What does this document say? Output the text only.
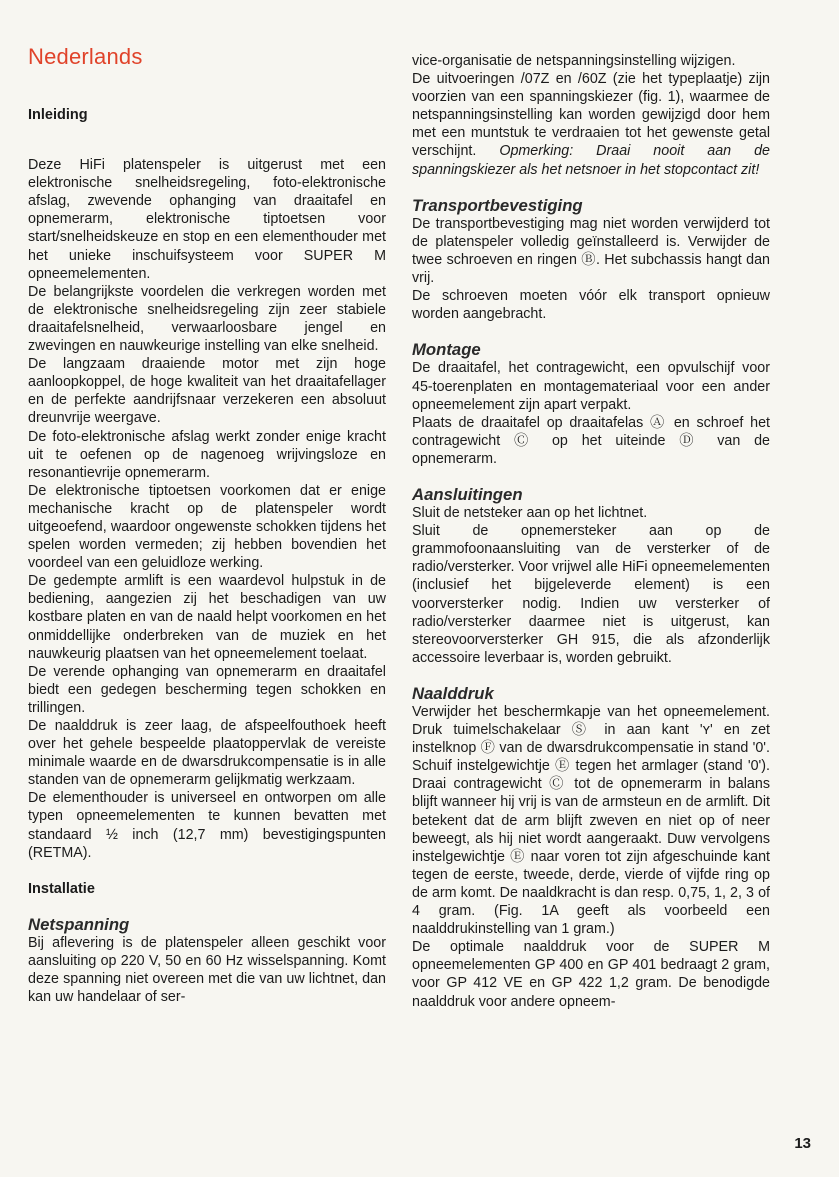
Nederlands
Inleiding

Deze HiFi platenspeler is uitgerust met een elektronische snelheidsregeling, foto-elektronische afslag, zwevende ophanging van draaitafel en opnemerarm, elektronische tiptoetsen voor start/snelheidskeuze en stop en een elementhouder met het unieke inschuifsysteem voor SUPER M opneemelementen.

De belangrijkste voordelen die verkregen worden met de elektronische snelheidsregeling zijn zeer stabiele draaitafelsnelheid, verwaarloosbare jengel en zwevingen en nauwkeurige instelling van elke snelheid.

De langzaam draaiende motor met zijn hoge aanloopkoppel, de hoge kwaliteit van het draaitafellager en de perfekte aandrijfsnaar verzekeren een absoluut dreunvrije weergave.

De foto-elektronische afslag werkt zonder enige kracht uit te oefenen op de nagenoeg wrijvingsloze en resonantievrije opnemerarm.

De elektronische tiptoetsen voorkomen dat er enige mechanische kracht op de platenspeler wordt uitgeoefend, waardoor ongewenste schokken tijdens het spelen worden vermeden; zij hebben bovendien het voordeel van een geluidloze werking.

De gedempte armlift is een waardevol hulpstuk in de bediening, aangezien zij het beschadigen van uw kostbare platen en van de naald helpt voorkomen en het onmiddellijke onderbreken van de muziek en het nauwkeurig plaatsen van het opneemelement toelaat.

De verende ophanging van opnemerarm en draaitafel biedt een gedegen bescherming tegen schokken en trillingen.

De naalddruk is zeer laag, de afspeelfouthoek heeft over het gehele bespeelde plaatoppervlak de vereiste minimale waarde en de dwarsdrukcompensatie is in alle standen van de opnemerarm gelijkmatig werkzaam.

De elementhouder is universeel en ontworpen om alle typen opneemelementen te kunnen bevatten met standaard ½ inch (12,7 mm) bevestigingspunten (RETMA).

Installatie
Netspanning

Bij aflevering is de platenspeler alleen geschikt voor aansluiting op 220 V, 50 en 60 Hz wisselspanning. Komt deze spanning niet overeen met die van uw lichtnet, dan kan uw handelaar of ser-

vice-organisatie de netspanningsinstelling wijzigen.

De uitvoeringen /07Z en /60Z (zie het typeplaatje) zijn voorzien van een spanningskiezer (fig. 1), waarmee de netspanningsinstelling kan worden gewijzigd door hem met een muntstuk te verdraaien tot het gewenste getal verschijnt. Opmerking: Draai nooit aan de spanningskiezer als het netsnoer in het stopcontact zit!

Transportbevestiging

De transportbevestiging mag niet worden verwijderd tot de platenspeler volledig geïnstalleerd is. Verwijder de twee schroeven en ringen Ⓑ. Het subchassis hangt dan vrij.

De schroeven moeten vóór elk transport opnieuw worden aangebracht.

Montage

De draaitafel, het contragewicht, een opvulschijf voor 45-toerenplaten en montagemateriaal voor een ander opneemelement zijn apart verpakt.

Plaats de draaitafel op draaitafelas Ⓐ en schroef het contragewicht Ⓒ op het uiteinde Ⓓ van de opnemerarm.

Aansluitingen

Sluit de netsteker aan op het lichtnet.

Sluit de opnemersteker aan op de grammofoonaansluiting van de versterker of de radio/versterker. Voor vrijwel alle HiFi opneemelementen (inclusief het bijgeleverde element) is een voorversterker nodig. Indien uw versterker of radio/versterker daarmee niet is uitgerust, kan stereovoorversterker GH 915, die als afzonderlijk accessoire leverbaar is, worden gebruikt.

Naalddruk

Verwijder het beschermkapje van het opneemelement. Druk tuimelschakelaar Ⓢ in aan kant 'ʏ' en zet instelknop Ⓕ van de dwarsdrukcompensatie in stand '0'. Schuif instelgewichtje Ⓔ tegen het armlager (stand '0'). Draai contragewicht Ⓒ tot de opnemerarm in balans blijft wanneer hij vrij is van de armsteun en de armlift. Dit betekent dat de arm blijft zweven en niet op of neer beweegt, als hij niet wordt aangeraakt. Duw vervolgens instelgewichtje Ⓔ naar voren tot zijn afgeschuinde kant tegen de eerste, tweede, derde, vierde of vijfde ring op de arm komt. De naaldkracht is dan resp. 0,75, 1, 2, 3 of 4 gram. (Fig. 1A geeft als voorbeeld een naalddrukinstelling van 1 gram.)

De optimale naalddruk voor de SUPER M opneemelementen GP 400 en GP 401 bedraagt 2 gram, voor GP 412 VE en GP 422 1,2 gram. De benodigde naalddruk voor andere opneem-

13
